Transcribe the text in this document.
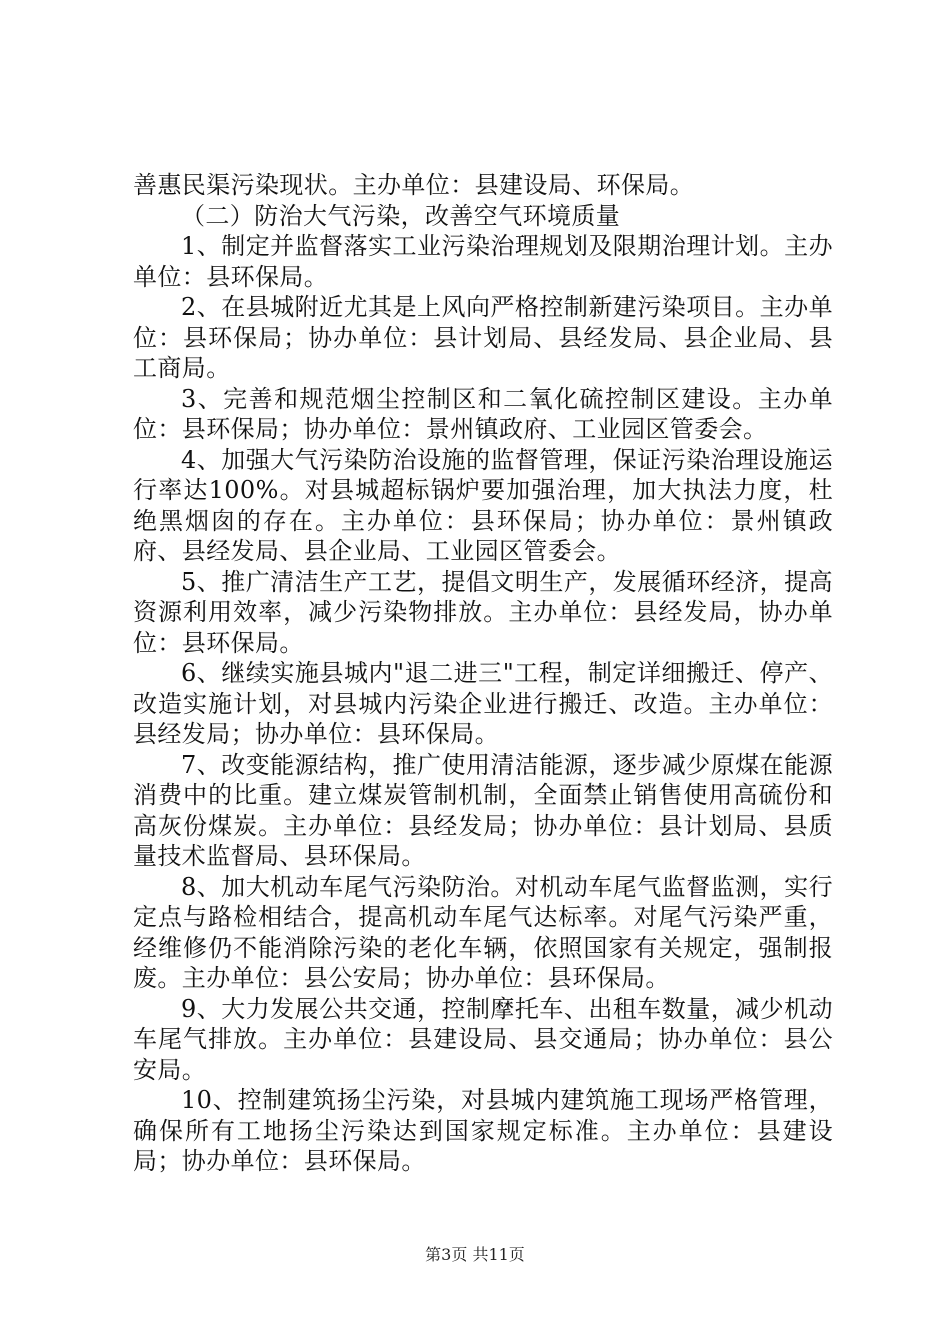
善惠民渠污染现状。主办单位：县建设局、环保局。

（二）防治大气污染，改善空气环境质量

1、制定并监督落实工业污染治理规划及限期治理计划。主办单位：县环保局。

2、在县城附近尤其是上风向严格控制新建污染项目。主办单位：县环保局；协办单位：县计划局、县经发局、县企业局、县工商局。

3、完善和规范烟尘控制区和二氧化硫控制区建设。主办单位：县环保局；协办单位：景州镇政府、工业园区管委会。

4、加强大气污染防治设施的监督管理，保证污染治理设施运行率达100%。对县城超标锅炉要加强治理，加大执法力度，杜绝黑烟囱的存在。主办单位：县环保局；协办单位：景州镇政府、县经发局、县企业局、工业园区管委会。

5、推广清洁生产工艺，提倡文明生产，发展循环经济，提高资源利用效率，减少污染物排放。主办单位：县经发局，协办单位：县环保局。

6、继续实施县城内"退二进三"工程，制定详细搬迁、停产、改造实施计划，对县城内污染企业进行搬迁、改造。主办单位：县经发局；协办单位：县环保局。

7、改变能源结构，推广使用清洁能源，逐步减少原煤在能源消费中的比重。建立煤炭管制机制，全面禁止销售使用高硫份和高灰份煤炭。主办单位：县经发局；协办单位：县计划局、县质量技术监督局、县环保局。

8、加大机动车尾气污染防治。对机动车尾气监督监测，实行定点与路检相结合，提高机动车尾气达标率。对尾气污染严重，经维修仍不能消除污染的老化车辆，依照国家有关规定，强制报废。主办单位：县公安局；协办单位：县环保局。

9、大力发展公共交通，控制摩托车、出租车数量，减少机动车尾气排放。主办单位：县建设局、县交通局；协办单位：县公安局。

10、控制建筑扬尘污染，对县城内建筑施工现场严格管理，确保所有工地扬尘污染达到国家规定标准。主办单位：县建设局；协办单位：县环保局。

第3页 共11页
